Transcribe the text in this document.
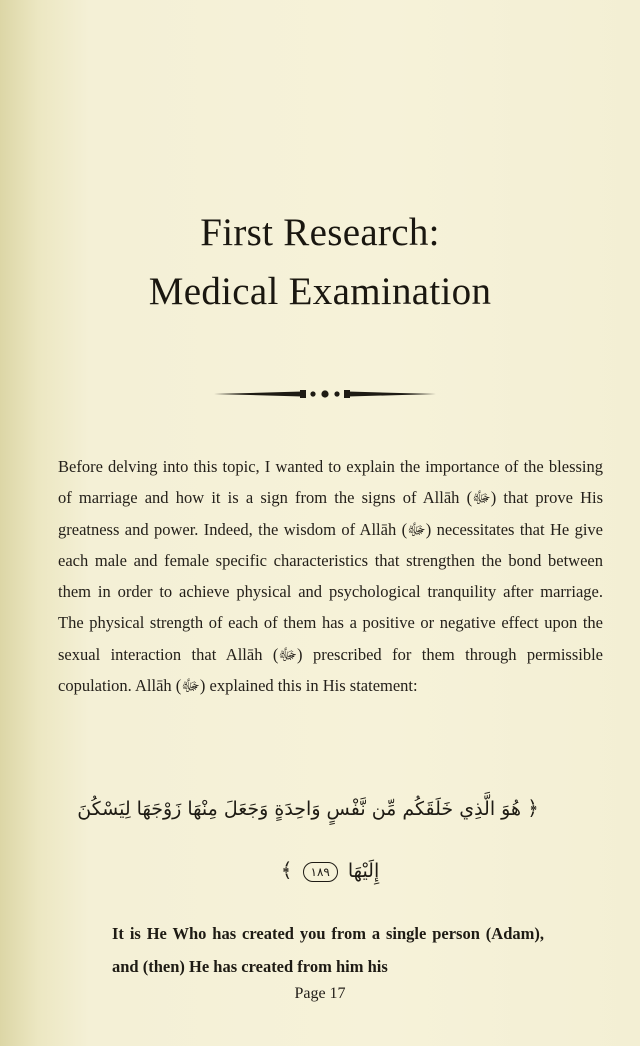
First Research:
Medical Examination
Before delving into this topic, I wanted to explain the importance of the blessing of marriage and how it is a sign from the signs of Allāh (ﷻ) that prove His greatness and power. Indeed, the wisdom of Allāh (ﷻ) necessitates that He give each male and female specific characteristics that strengthen the bond between them in order to achieve physical and psychological tranquility after marriage. The physical strength of each of them has a positive or negative effect upon the sexual interaction that Allāh (ﷻ) prescribed for them through permissible copulation. Allāh (ﷻ) explained this in His statement:
﴿ هُوَ الَّذِي خَلَقَكُم مِّن نَّفْسٍ وَاحِدَةٍ وَجَعَلَ مِنْهَا زَوْجَهَا لِيَسْكُنَ
إِلَيْهَا ١٨٩ ﴾
It is He Who has created you from a single person (Adam), and (then) He has created from him his
Page 17
